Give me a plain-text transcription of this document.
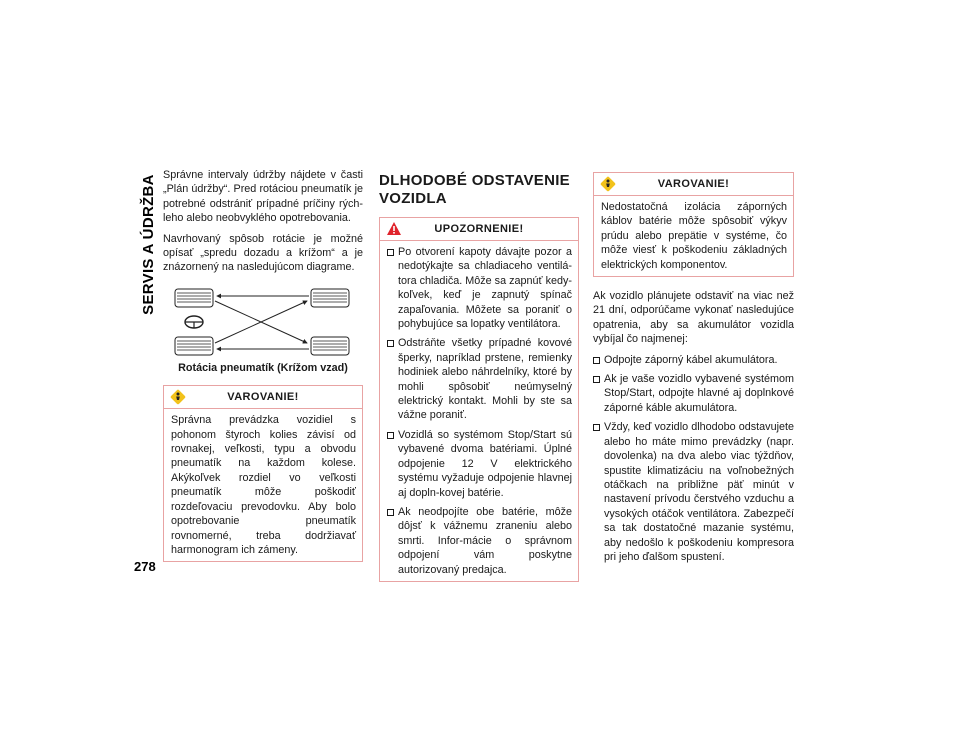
SERVIS A ÚDRŽBA
278

Správne intervaly údržby nájdete v časti „Plán údržby“. Pred rotáciou pneumatík je potrebné odstrániť prípadné príčiny rých-leho alebo neobvyklého opotrebovania.

Navrhovaný spôsob rotácie je možné opísať „spredu dozadu a krížom“ a je znázornený na nasledujúcom diagrame.

Rotácia pneumatík (Krížom vzad)

VAROVANIE!

Správna prevádzka vozidiel s pohonom štyroch kolies závisí od rovnakej, veľkosti, typu a obvodu pneumatík na každom kolese. Akýkoľvek rozdiel vo veľkosti pneumatík môže poškodiť rozdeľovaciu prevodovku. Aby bolo opotrebovanie pneumatík rovnomerné, treba dodržiavať harmonogram ich zámeny.

DLHODOBÉ ODSTAVENIE VOZIDLA
UPOZORNENIE!
Po otvorení kapoty dávajte pozor a nedotýkajte sa chladiaceho ventilá-tora chladiča. Môže sa zapnúť kedy-koľvek, keď je zapnutý spínač zapaľovania. Môžete sa poraniť o pohybujúce sa lopatky ventilátora.
Odstráňte všetky prípadné kovové šperky, napríklad prstene, remienky hodiniek alebo náhrdelníky, ktoré by mohli spôsobiť neúmyselný elektrický kontakt. Mohli by ste sa vážne poraniť.
Vozidlá so systémom Stop/Start sú vybavené dvoma batériami. Úplné odpojenie 12 V elektrického systému vyžaduje odpojenie hlavnej aj dopln-kovej batérie.
Ak neodpojíte obe batérie, môže dôjsť k vážnemu zraneniu alebo smrti. Infor-mácie o správnom odpojení vám poskytne autorizovaný predajca.
VAROVANIE!

Nedostatočná izolácia záporných káblov batérie môže spôsobiť výkyv prúdu alebo prepätie v systéme, čo môže viesť k poškodeniu základných elektrických komponentov.

Ak vozidlo plánujete odstaviť na viac než 21 dní, odporúčame vykonať nasledujúce opatrenia, aby sa akumulátor vozidla vybíjal čo najmenej:

Odpojte záporný kábel akumulátora.
Ak je vaše vozidlo vybavené systémom Stop/Start, odpojte hlavné aj doplnkové záporné káble akumulátora.
Vždy, keď vozidlo dlhodobo odstavujete alebo ho máte mimo prevádzky (napr. dovolenka) na dva alebo viac týždňov, spustite klimatizáciu na voľnobežných otáčkach na približne päť minút v nastavení prívodu čerstvého vzduchu a vysokých otáčok ventilátora. Zabezpečí sa tak dostatočné mazanie systému, aby nedošlo k poškodeniu kompresora pri jeho ďalšom spustení.
